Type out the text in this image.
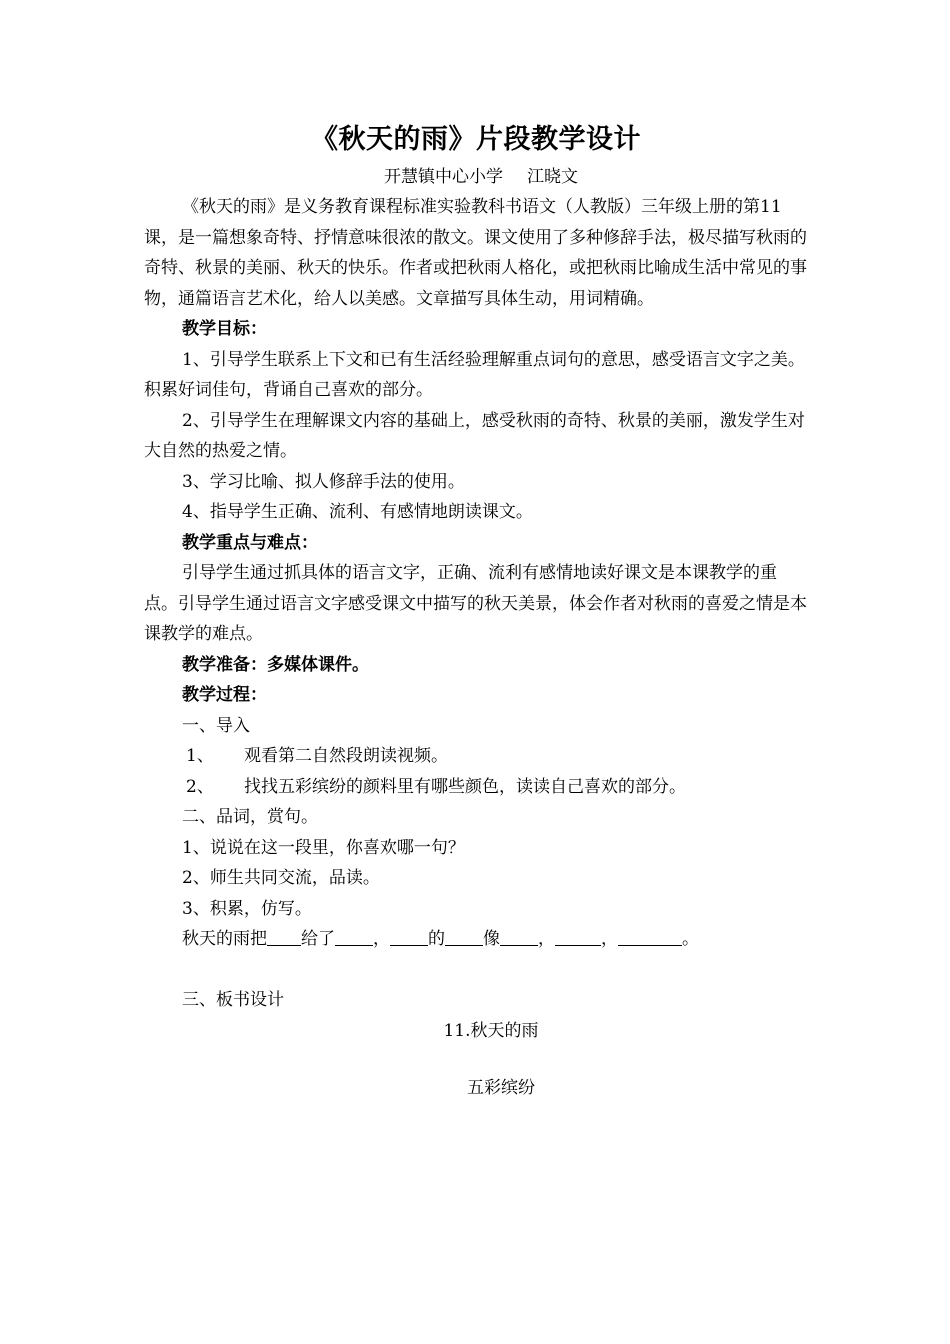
《秋天的雨》片段教学设计

开慧镇中心小学 江晓文

《秋天的雨》是义务教育课程标准实验教科书语文（人教版）三年级上册的第11课，是一篇想象奇特、抒情意味很浓的散文。课文使用了多种修辞手法，极尽描写秋雨的奇特、秋景的美丽、秋天的快乐。作者或把秋雨人格化，或把秋雨比喻成生活中常见的事物，通篇语言艺术化，给人以美感。文章描写具体生动，用词精确。

教学目标：

1、引导学生联系上下文和已有生活经验理解重点词句的意思，感受语言文字之美。积累好词佳句，背诵自己喜欢的部分。

2、引导学生在理解课文内容的基础上，感受秋雨的奇特、秋景的美丽，激发学生对大自然的热爱之情。

3、学习比喻、拟人修辞手法的使用。

4、指导学生正确、流利、有感情地朗读课文。

教学重点与难点：

引导学生通过抓具体的语言文字，正确、流利有感情地读好课文是本课教学的重点。引导学生通过语言文字感受课文中描写的秋天美景，体会作者对秋雨的喜爱之情是本课教学的难点。

教学准备：多媒体课件。

教学过程：

一、导入

1、 观看第二自然段朗读视频。

2、 找找五彩缤纷的颜料里有哪些颜色，读读自己喜欢的部分。

二、品词，赏句。

1、说说在这一段里，你喜欢哪一句？

2、师生共同交流，品读。

3、积累，仿写。

秋天的雨把 给了 ， 的 像 ，	，	。

三、板书设计

11.秋天的雨

五彩缤纷
